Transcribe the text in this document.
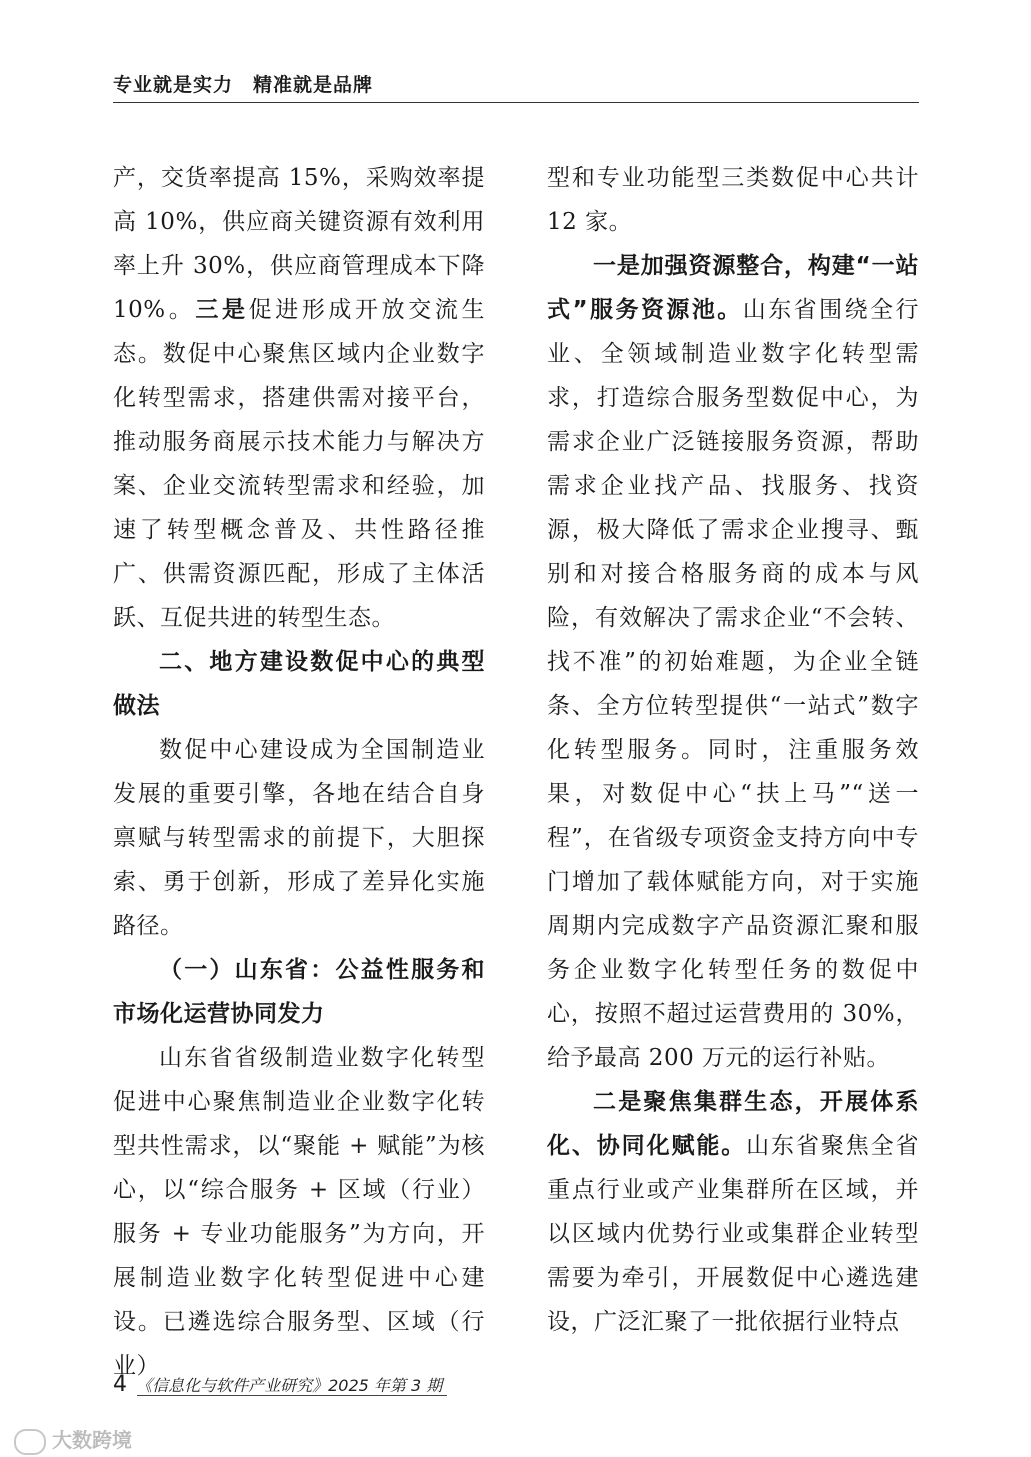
专业就是实力　精准就是品牌

产，交货率提高 15%，采购效率提高 10%，供应商关键资源有效利用率上升 30%，供应商管理成本下降 10%。三是促进形成开放交流生态。数促中心聚焦区域内企业数字化转型需求，搭建供需对接平台，推动服务商展示技术能力与解决方案、企业交流转型需求和经验，加速了转型概念普及、共性路径推广、供需资源匹配，形成了主体活跃、互促共进的转型生态。

二、地方建设数促中心的典型做法

数促中心建设成为全国制造业发展的重要引擎，各地在结合自身禀赋与转型需求的前提下，大胆探索、勇于创新，形成了差异化实施路径。

（一）山东省：公益性服务和市场化运营协同发力

山东省省级制造业数字化转型促进中心聚焦制造业企业数字化转型共性需求，以“聚能 + 赋能”为核心，以“综合服务 + 区域（行业）服务 + 专业功能服务”为方向，开展制造业数字化转型促进中心建设。已遴选综合服务型、区域（行业）

型和专业功能型三类数促中心共计 12 家。

一是加强资源整合，构建“一站式”服务资源池。山东省围绕全行业、全领域制造业数字化转型需求，打造综合服务型数促中心，为需求企业广泛链接服务资源，帮助需求企业找产品、找服务、找资源，极大降低了需求企业搜寻、甄别和对接合格服务商的成本与风险，有效解决了需求企业“不会转、找不准”的初始难题，为企业全链条、全方位转型提供“一站式”数字化转型服务。同时，注重服务效果，对数促中心“扶上马”“送一程”，在省级专项资金支持方向中专门增加了载体赋能方向，对于实施周期内完成数字产品资源汇聚和服务企业数字化转型任务的数促中心，按照不超过运营费用的 30%，给予最高 200 万元的运行补贴。

二是聚焦集群生态，开展体系化、协同化赋能。山东省聚焦全省重点行业或产业集群所在区域，并以区域内优势行业或集群企业转型需要为牵引，开展数促中心遴选建设，广泛汇聚了一批依据行业特点

4 《信息化与软件产业研究》2025 年第 3 期
大数跨境
